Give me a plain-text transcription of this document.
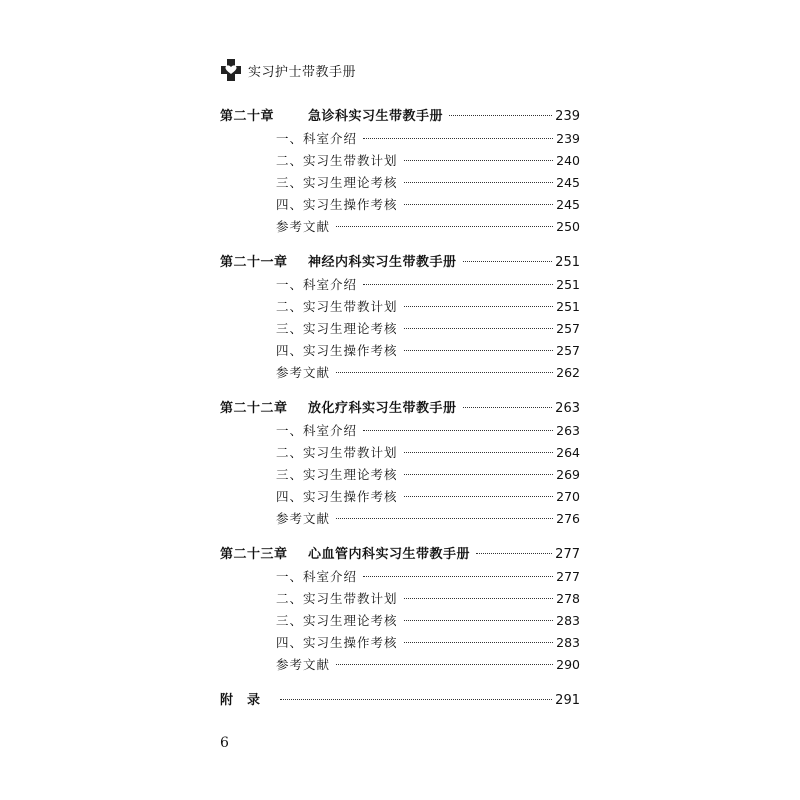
实习护士带教手册
第二十章	急诊科实习生带教手册	239
一、科室介绍	239
二、实习生带教计划	240
三、实习生理论考核	245
四、实习生操作考核	245
参考文献	250
第二十一章	神经内科实习生带教手册	251
一、科室介绍	251
二、实习生带教计划	251
三、实习生理论考核	257
四、实习生操作考核	257
参考文献	262
第二十二章	放化疗科实习生带教手册	263
一、科室介绍	263
二、实习生带教计划	264
三、实习生理论考核	269
四、实习生操作考核	270
参考文献	276
第二十三章	心血管内科实习生带教手册	277
一、科室介绍	277
二、实习生带教计划	278
三、实习生理论考核	283
四、实习生操作考核	283
参考文献	290
附录	291
6
